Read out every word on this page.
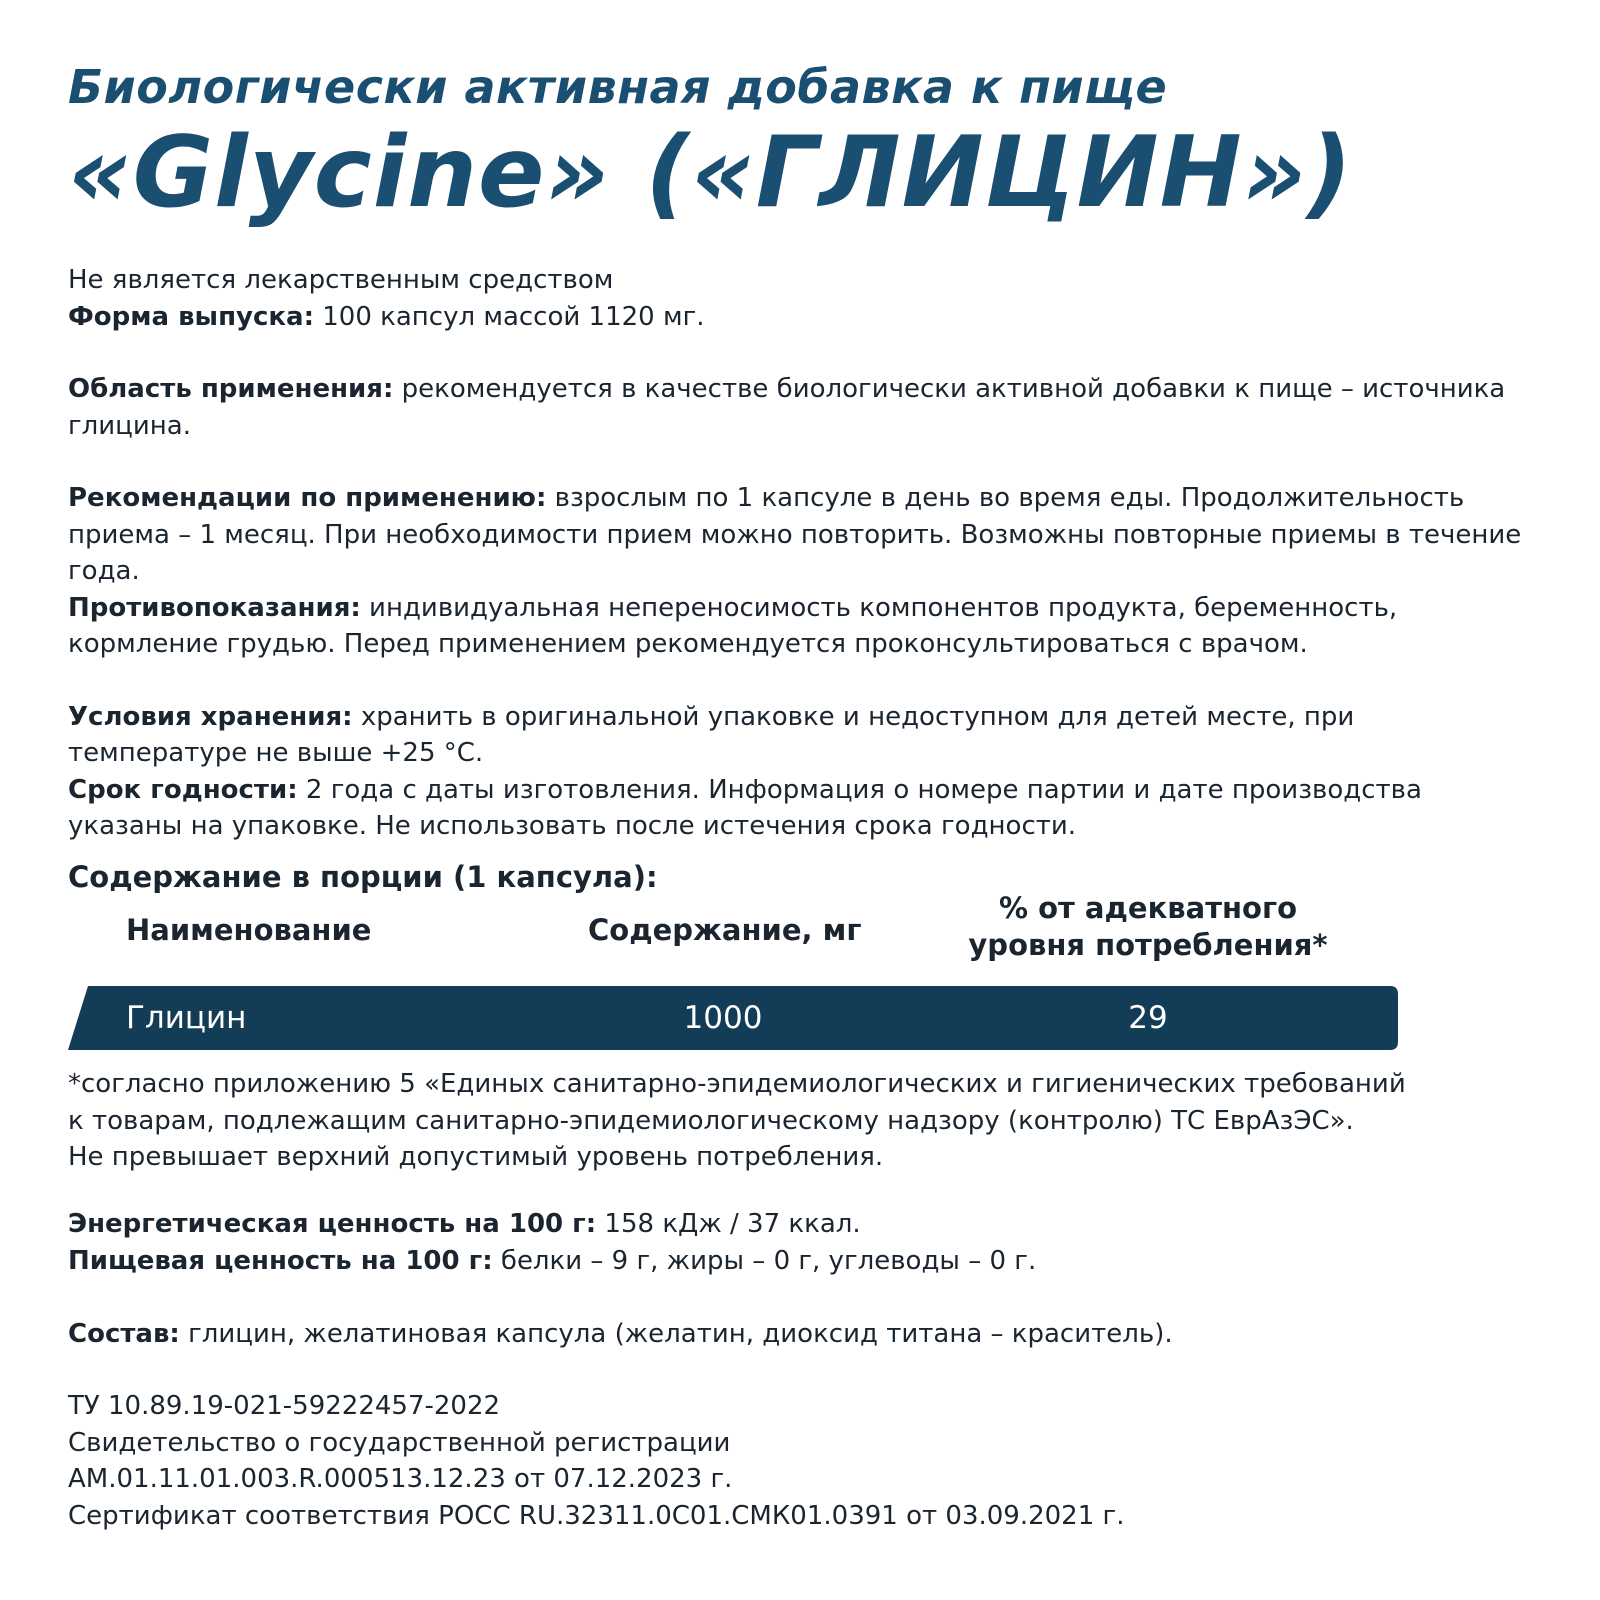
Биологически активная добавка к пище
«Glycine» («ГЛИЦИН»)

Не является лекарственным средством

Форма выпуска: 100 капсул массой 1120 мг.

Область применения: рекомендуется в качестве биологически активной добавки к пище – источника глицина.

Рекомендации по применению: взрослым по 1 капсуле в день во время еды. Продолжительность приема – 1 месяц. При необходимости прием можно повторить. Возможны повторные приемы в течение года.

Противопоказания: индивидуальная непереносимость компонентов продукта, беременность, кормление грудью. Перед применением рекомендуется проконсультироваться с врачом.

Условия хранения: хранить в оригинальной упаковке и недоступном для детей месте, при температуре не выше +25 °С.

Срок годности: 2 года с даты изготовления. Информация о номере партии и дате производства указаны на упаковке. Не использовать после истечения срока годности.

Содержание в порции (1 капсула):
Наименование	Содержание, мг
% от адекватного
уровня потребления*
Глицин	1000	29

*согласно приложению 5 «Единых санитарно-эпидемиологических и гигиенических требований

к товарам, подлежащим санитарно-эпидемиологическому надзору (контролю) ТС ЕврАзЭС».

Не превышает верхний допустимый уровень потребления.

Энергетическая ценность на 100 г: 158 кДж / 37 ккал.

Пищевая ценность на 100 г: белки – 9 г, жиры – 0 г, углеводы – 0 г.

Состав: глицин, желатиновая капсула (желатин, диоксид титана – краситель).

ТУ 10.89.19-021-59222457-2022

Свидетельство о государственной регистрации

AM.01.11.01.003.R.000513.12.23 от 07.12.2023 г.

Сертификат соответствия РОСС RU.32311.0С01.СМК01.0391 от 03.09.2021 г.
